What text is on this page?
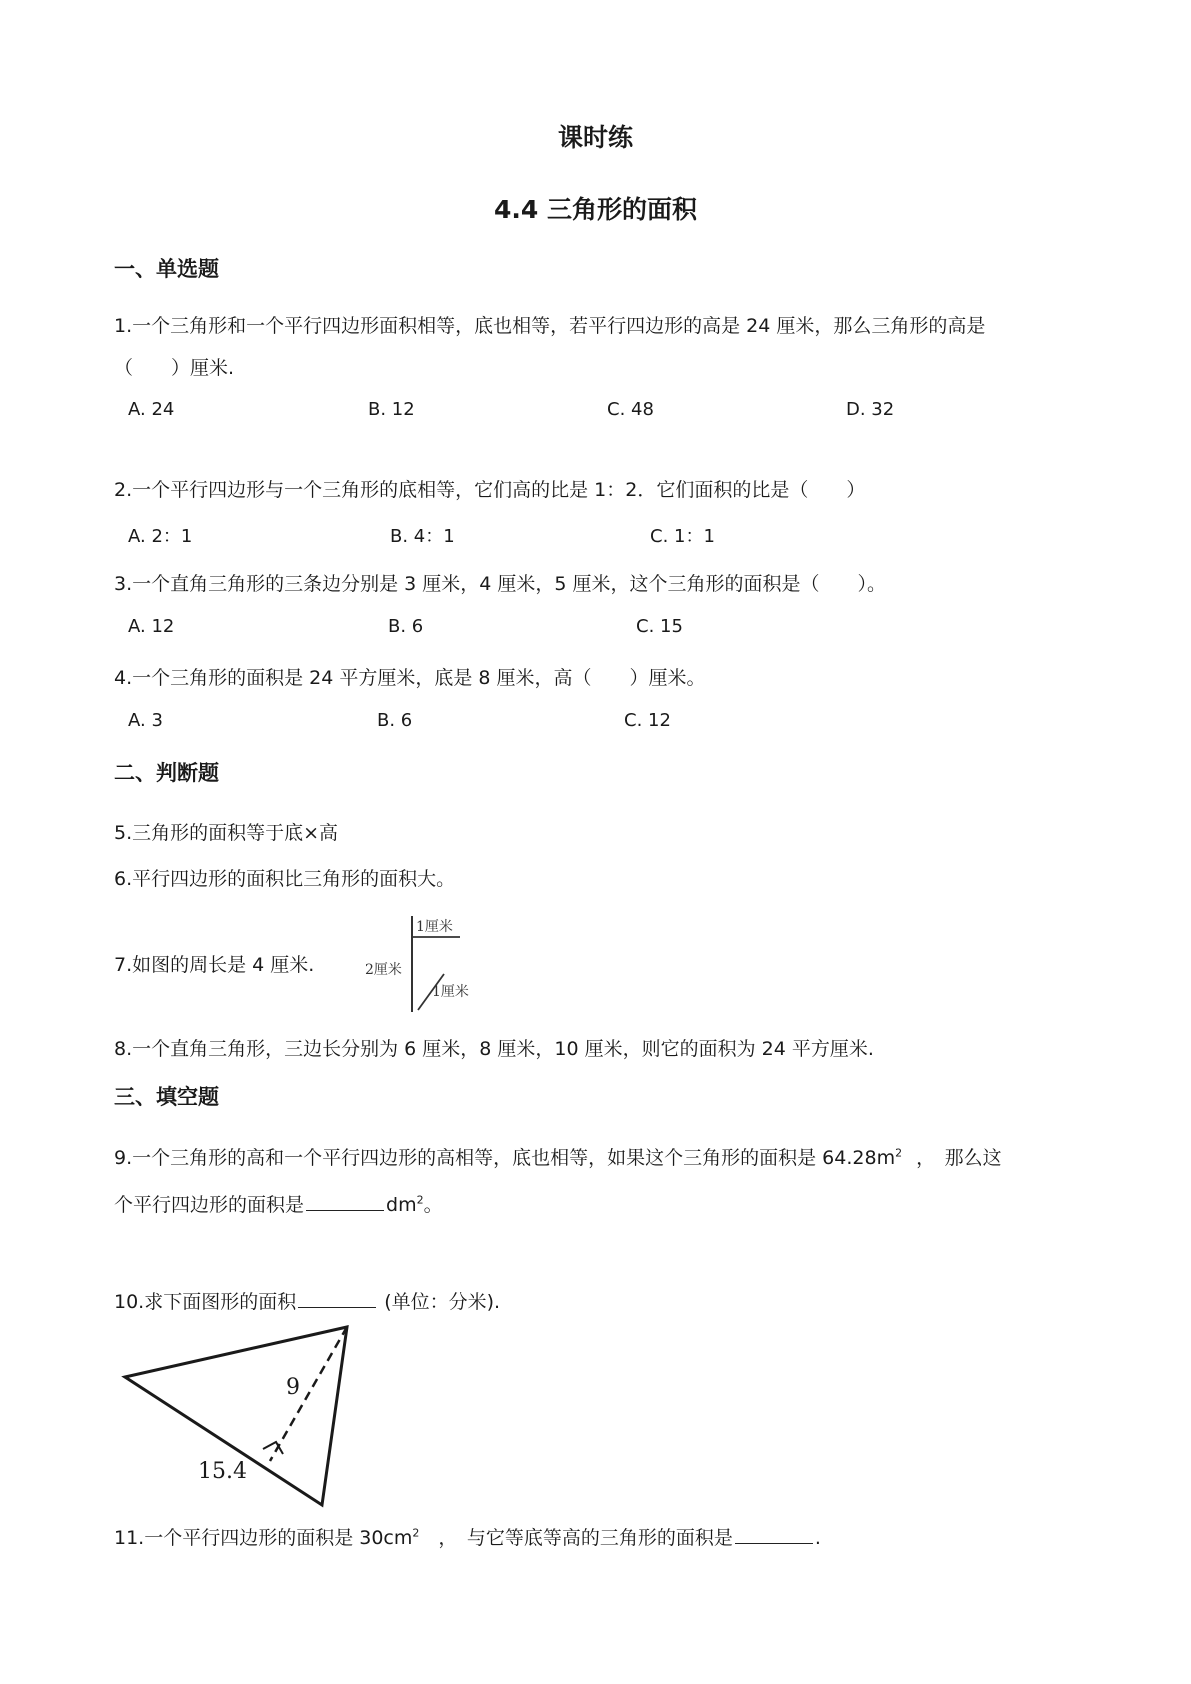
课时练
4.4 三角形的面积
一、单选题
1.一个三角形和一个平行四边形面积相等，底也相等，若平行四边形的高是 24 厘米，那么三角形的高是
（　　）厘米.
A. 24	B. 12	C. 48	D. 32
2.一个平行四边形与一个三角形的底相等，它们高的比是 1：2．它们面积的比是（　　）
A. 2：1	B. 4：1	C. 1：1
3.一个直角三角形的三条边分别是 3 厘米，4 厘米，5 厘米，这个三角形的面积是（　　）。
A. 12	B. 6	C. 15
4.一个三角形的面积是 24 平方厘米，底是 8 厘米，高（　　）厘米。
A. 3	B. 6	C. 12
二、判断题
5.三角形的面积等于底×高
6.平行四边形的面积比三角形的面积大。
7.如图的周长是 4 厘米.
1厘米
2厘米
1厘米
8.一个直角三角形，三边长分别为 6 厘米，8 厘米，10 厘米，则它的面积为 24 平方厘米.
三、填空题
9.一个三角形的高和一个平行四边形的高相等，底也相等，如果这个三角形的面积是 $64.28m^2$ ，　那么这
个平行四边形的面积是	$dm^2$。
10.求下面图形的面积	(单位：分米).
9
15.4
11.一个平行四边形的面积是 $30cm^2$　，　与它等底等高的三角形的面积是	.
